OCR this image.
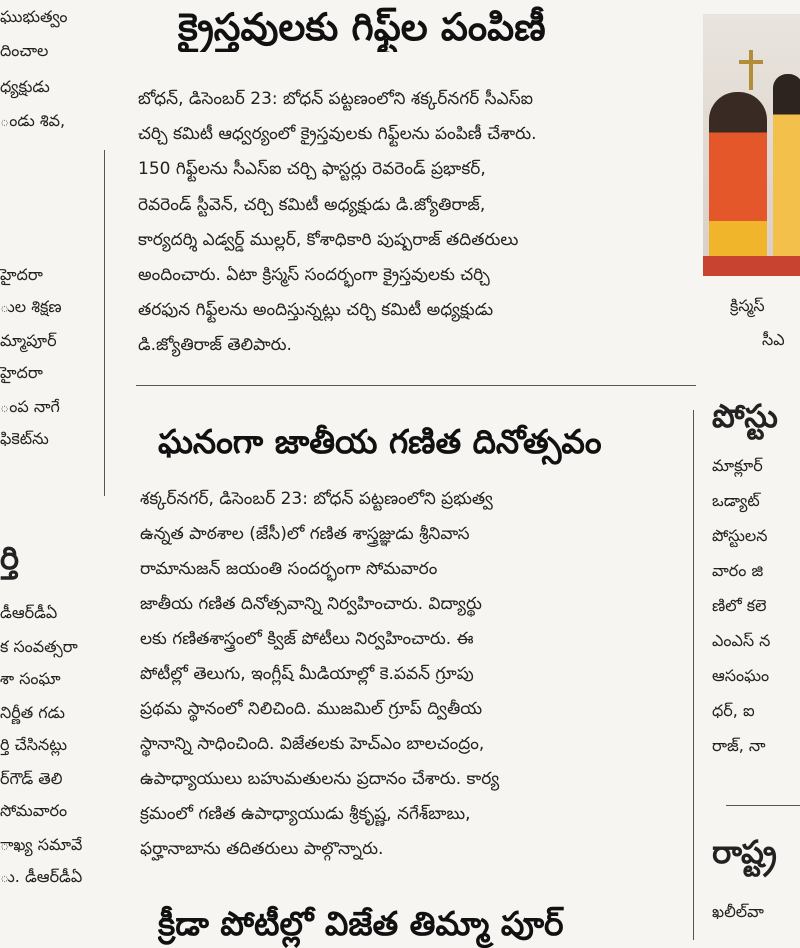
ఘుభుత్వం
దించాల
ధ్యక్షుడు
ండు శివ,
హైదరా
ుల శిక్షణ
మ్మాపూర్
హైదరా
ంప నాగే
ఫికెట్‌ను
ర్తి
డీఆర్‌డీఏ
క సంవత్సరా
శా సంఘా
నిర్ణీత గడు
ర్తి చేసినట్లు
ర్‌గౌడ్ తెలి
సోమవారం
ాఖ్య సమావే
ు. డీఆర్‌డీఏ
క్రైస్తవులకు గిఫ్ట్‌ల పంపిణీ
బోధన్, డిసెంబర్ 23: బోధన్ పట్టణంలోని శక్కర్‌నగర్ సీఎస్ఐ
చర్చి కమిటీ ఆధ్వర్యంలో క్రైస్తవులకు గిఫ్ట్‌లను పంపిణీ చేశారు.
150 గిఫ్ట్‌లను సీఎస్ఐ చర్చి ఫాస్టర్లు రెవరెండ్ ప్రభాకర్,
రెవరెండ్ స్టీవెన్, చర్చి కమిటీ అధ్యక్షుడు డి.జ్యోతిరాజ్,
కార్యదర్శి ఎడ్వర్డ్ ముల్లర్, కోశాధికారి పుష్పరాజ్ తదితరులు
అందించారు. ఏటా క్రిస్మస్ సందర్భంగా క్రైస్తవులకు చర్చి
తరఫున గిఫ్ట్‌లను అందిస్తున్నట్లు చర్చి కమిటీ అధ్యక్షుడు
డి.జ్యోతిరాజ్ తెలిపారు.
క్రిస్మస్
సీఎ
ఘనంగా జాతీయ గణిత దినోత్సవం
శక్కర్‌నగర్, డిసెంబర్ 23: బోధన్ పట్టణంలోని ప్రభుత్వ
ఉన్నత పాఠశాల (జేసీ)లో గణిత శాస్త్రజ్ఞుడు శ్రీనివాస
రామానుజన్ జయంతి సందర్భంగా సోమవారం
జాతీయ గణిత దినోత్సవాన్ని నిర్వహించారు. విద్యార్థు
లకు గణితశాస్త్రంలో క్విజ్ పోటీలు నిర్వహించారు. ఈ
పోటీల్లో తెలుగు, ఇంగ్లీష్ మీడియాల్లో కె.పవన్ గ్రూపు
ప్రథమ స్థానంలో నిలిచింది. ముజమిల్ గ్రూప్ ద్వితీయ
స్థానాన్ని సాధించింది. విజేతలకు హెచ్ఎం బాలచంద్రం,
ఉపాధ్యాయులు బహుమతులను ప్రదానం చేశారు. కార్య
క్రమంలో గణిత ఉపాధ్యాయుడు శ్రీకృష్ణ, నగేశ్‌బాబు,
ఫర్హానాబాను తదితరులు పాల్గొన్నారు.
క్రీడా పోటీల్లో విజేత తిమ్మా పూర్
పోస్టు
మాక్లూర్
ఒడ్యాట్‌
పోస్టులన
వారం జి
ణిలో కలె
ఎంఎస్ న
ఆసంఘం
ధర్, ఐ
రాజ్, నా
రాష్ట్ర
ఖలీల్‌వా
